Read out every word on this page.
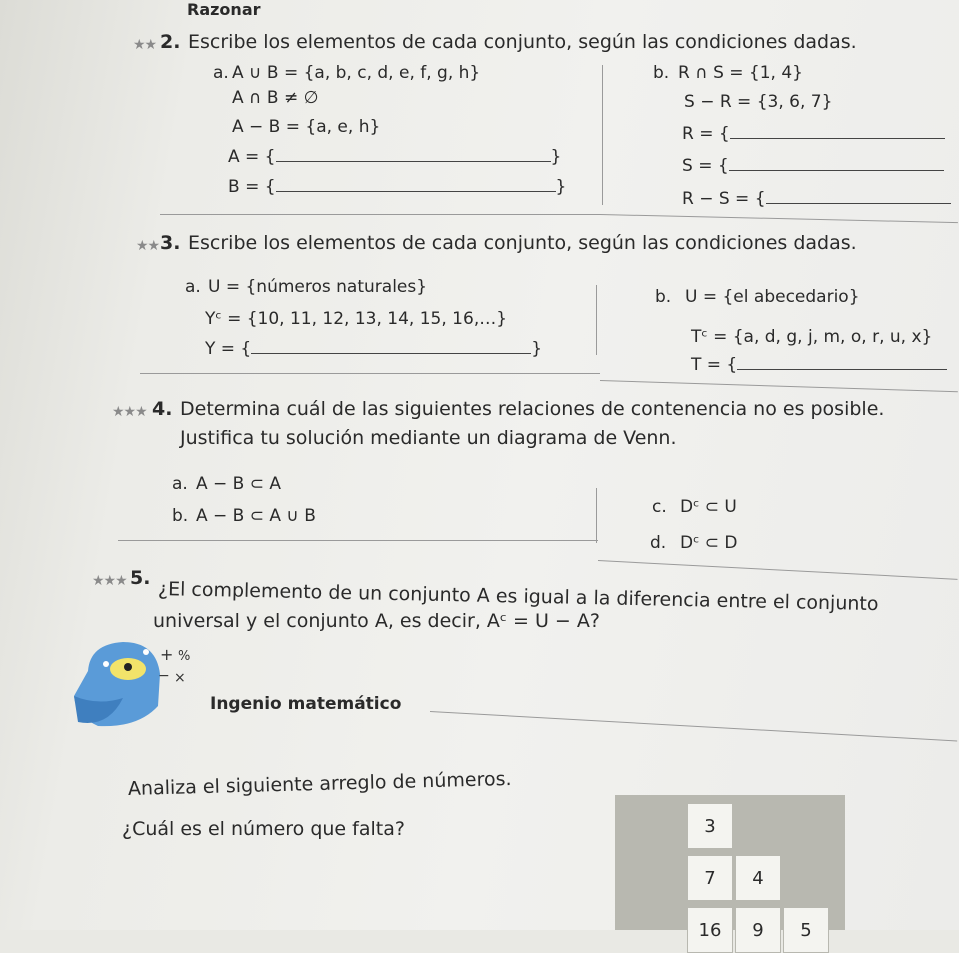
Razonar
★★ 2. Escribe los elementos de cada conjunto, según las condiciones dadas.
a. A ∪ B = {a, b, c, d, e, f, g, h}
A ∩ B ≠ ∅
A − B = {a, e, h}
A = {	}
B = {	}
b. R ∩ S = {1, 4}
S − R = {3, 6, 7}
R = {
S = {
R − S = {
★★ 3. Escribe los elementos de cada conjunto, según las condiciones dadas.
a. U = {números naturales}
Yᶜ = {10, 11, 12, 13, 14, 15, 16,…}
Y = {	}
b. U = {el abecedario}
Tᶜ = {a, d, g, j, m, o, r, u, x}
T = {
★★★ 4. Determina cuál de las siguientes relaciones de contenencia no es posible.
Justifica tu solución mediante un diagrama de Venn.
a. A − B ⊂ A
b. A − B ⊂ A ∪ B	c. Dᶜ ⊂ U
d. Dᶜ ⊂ D
★★★ 5.
¿El complemento de un conjunto A es igual a la diferencia entre el conjunto
universal y el conjunto A, es decir, Aᶜ = U − A?
+ %
− ×
Ingenio matemático
Analiza el siguiente arreglo de números.
¿Cuál es el número que falta?	3
7	4
16	9	5
